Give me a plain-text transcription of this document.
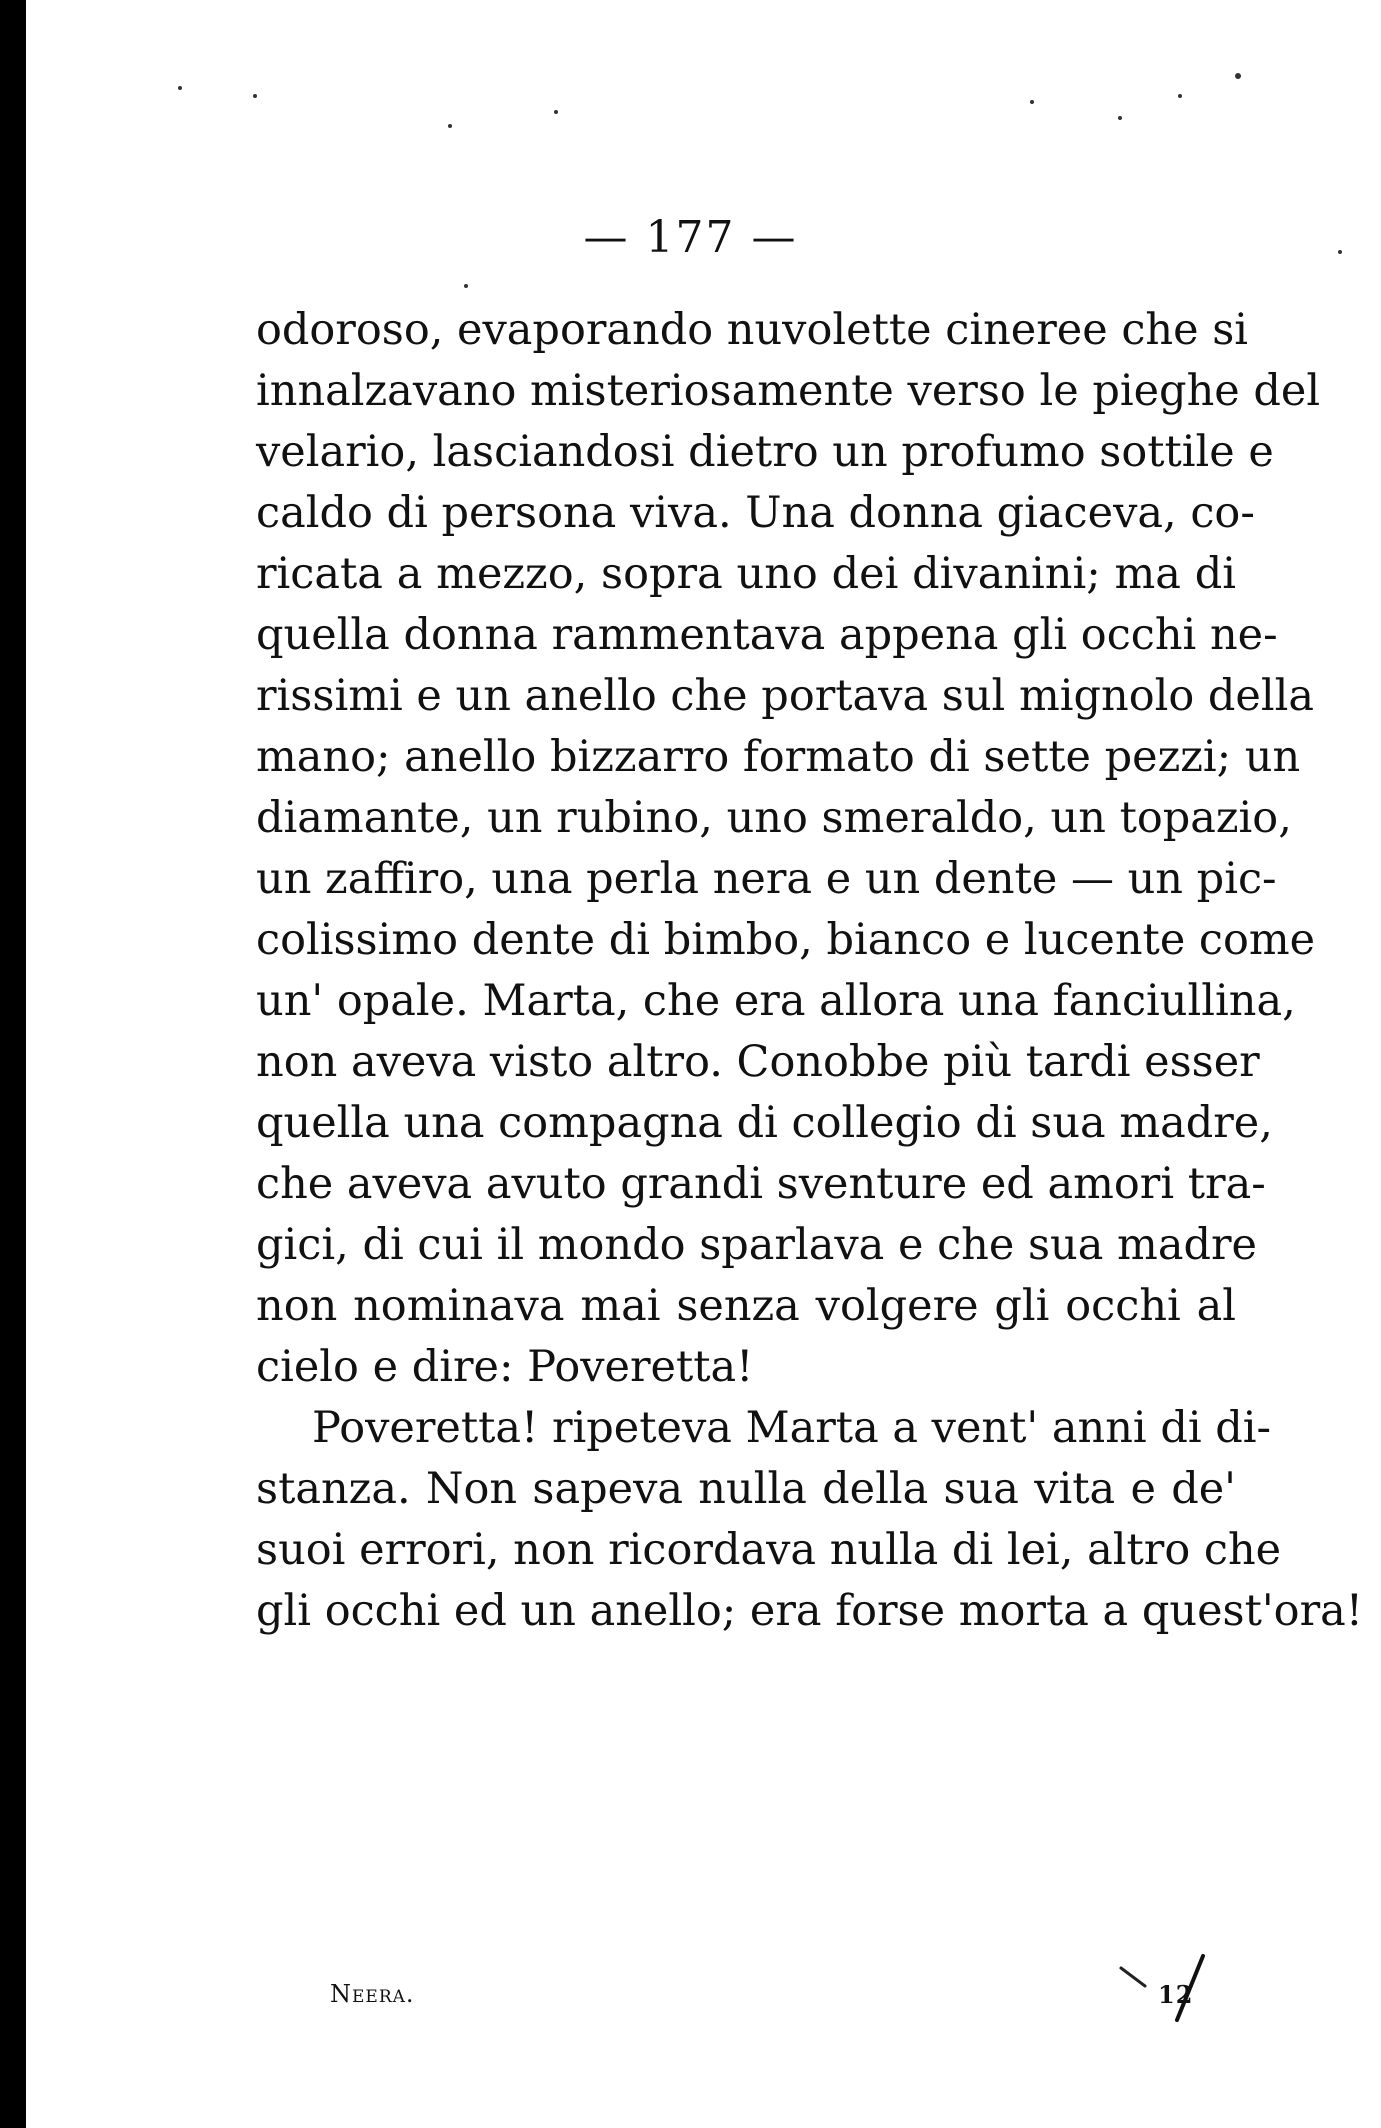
— 177 —
odoroso, evaporando nuvolette cineree che si
innalzavano misteriosamente verso le pieghe del
velario, lasciandosi dietro un profumo sottile e
caldo di persona viva. Una donna giaceva, co-
ricata a mezzo, sopra uno dei divanini; ma di
quella donna rammentava appena gli occhi ne-
rissimi e un anello che portava sul mignolo della
mano; anello bizzarro formato di sette pezzi; un
diamante, un rubino, uno smeraldo, un topazio,
un zaffiro, una perla nera e un dente — un pic-
colissimo dente di bimbo, bianco e lucente come
un' opale. Marta, che era allora una fanciullina,
non aveva visto altro. Conobbe più tardi esser
quella una compagna di collegio di sua madre,
che aveva avuto grandi sventure ed amori tra-
gici, di cui il mondo sparlava e che sua madre
non nominava mai senza volgere gli occhi al
cielo e dire: Poveretta!
Poveretta! ripeteva Marta a vent' anni di di-
stanza. Non sapeva nulla della sua vita e de'
suoi errori, non ricordava nulla di lei, altro che
gli occhi ed un anello; era forse morta a quest'ora!
Neera.	12
